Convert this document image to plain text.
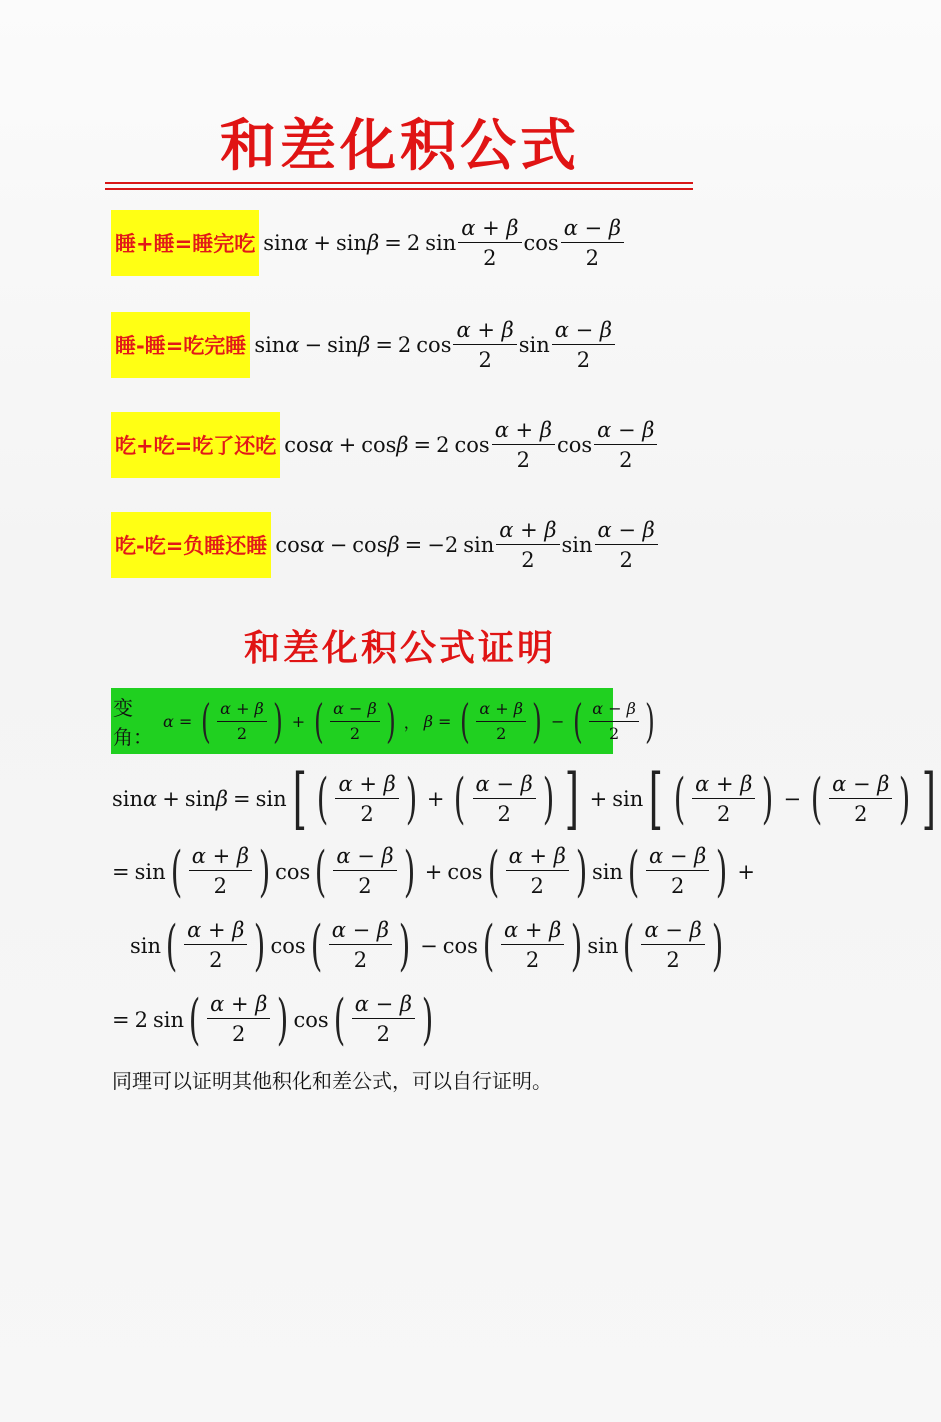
和差化积公式
睡+睡=睡完吃 sin α + sin β = 2 $\sin \frac{\alpha + \beta}{2}$ $\cos \frac{\alpha - \beta}{2}$
睡-睡=吃完睡 sin α − sin β = 2 $\cos \frac{\alpha + \beta}{2}$ $\sin \frac{\alpha - \beta}{2}$
吃+吃=吃了还吃 cos α + cos β = 2 $\cos \frac{\alpha + \beta}{2}$ $\cos \frac{\alpha - \beta}{2}$
吃-吃=负睡还睡 cos α − cos β = −2 $\sin \frac{\alpha + \beta}{2}$ $\sin \frac{\alpha - \beta}{2}$
和差化积公式证明
变角：
α = ( $\frac{\alpha + \beta}{2}$ ) + ( $\frac{\alpha - \beta}{2}$ ) ， β = ( $\frac{\alpha + \beta}{2}$ ) − ( $\frac{\alpha - \beta}{2}$ )
sin α + sin β = sin [ ( $\frac{\alpha + \beta}{2}$ ) + ( $\frac{\alpha - \beta}{2}$ ) ] + sin [ ( $\frac{\alpha + \beta}{2}$ ) − ( $\frac{\alpha - \beta}{2}$ ) ]
= sin ( $\frac{\alpha + \beta}{2}$ ) cos ( $\frac{\alpha - \beta}{2}$ ) + cos ( $\frac{\alpha + \beta}{2}$ ) sin ( $\frac{\alpha - \beta}{2}$ ) +
sin ( $\frac{\alpha + \beta}{2}$ ) cos ( $\frac{\alpha - \beta}{2}$ ) − cos ( $\frac{\alpha + \beta}{2}$ ) sin ( $\frac{\alpha - \beta}{2}$ )
= 2 sin ( $\frac{\alpha + \beta}{2}$ ) cos ( $\frac{\alpha - \beta}{2}$ )
同理可以证明其他积化和差公式，可以自行证明。
